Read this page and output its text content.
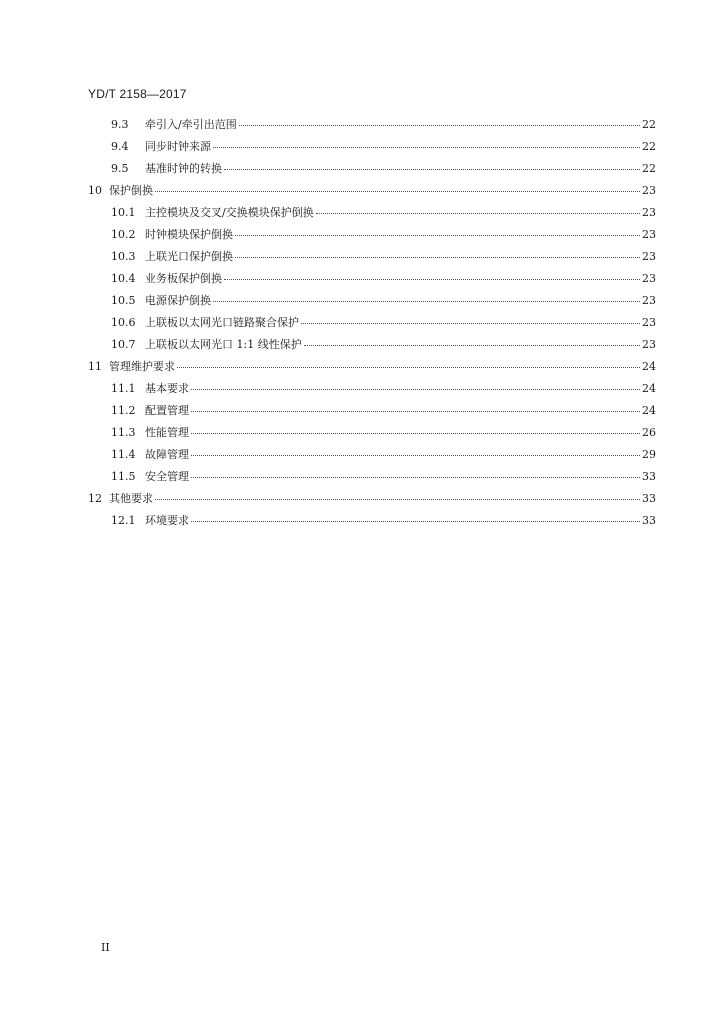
YD/T 2158—2017
9.3	牵引入/牵引出范围	22
9.4	同步时钟来源	22
9.5	基准时钟的转换	22
10 保护倒换	23
10.1 主控模块及交叉/交换模块保护倒换	23
10.2 时钟模块保护倒换	23
10.3 上联光口保护倒换	23
10.4 业务板保护倒换	23
10.5 电源保护倒换	23
10.6 上联板以太网光口链路聚合保护	23
10.7 上联板以太网光口 1:1 线性保护	23
11 管理维护要求	24
11.1 基本要求	24
11.2 配置管理	24
11.3 性能管理	26
11.4 故障管理	29
11.5 安全管理	33
12 其他要求	33
12.1 环境要求	33
II
